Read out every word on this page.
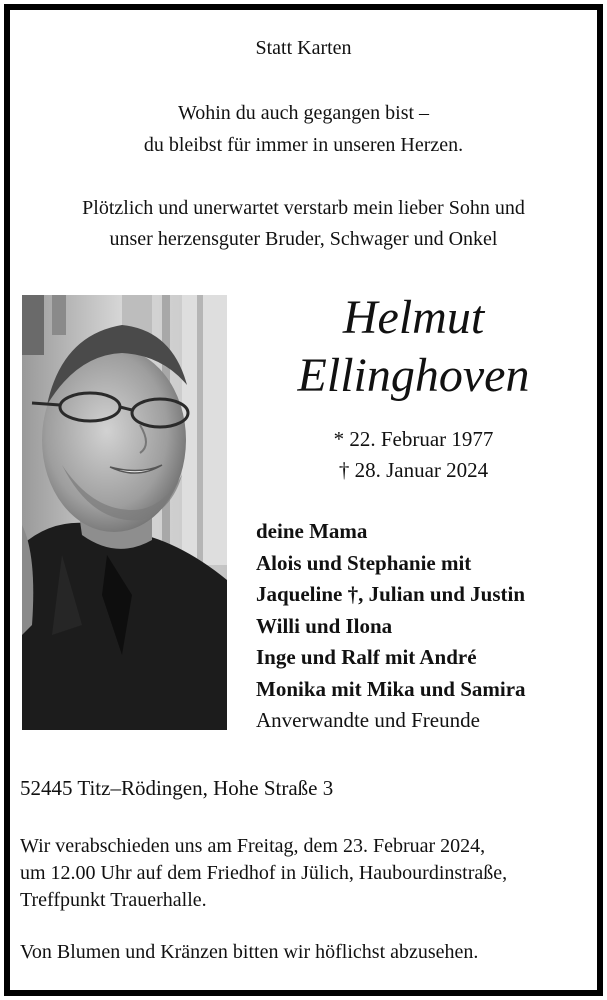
Statt Karten
Wohin du auch gegangen bist –
du bleibst für immer in unseren Herzen.
Plötzlich und unerwartet verstarb mein lieber Sohn und
unser herzensguter Bruder, Schwager und Onkel
Helmut
Ellinghoven
* 22. Februar 1977
† 28. Januar 2024
deine Mama
Alois und Stephanie mit
Jaqueline †, Julian und Justin
Willi und Ilona
Inge und Ralf mit André
Monika mit Mika und Samira
Anverwandte und Freunde
52445 Titz–Rödingen, Hohe Straße 3
Wir verabschieden uns am Freitag, dem 23. Februar 2024,
um 12.00 Uhr auf dem Friedhof in Jülich, Haubourdinstraße,
Treffpunkt Trauerhalle.
Von Blumen und Kränzen bitten wir höflichst abzusehen.
